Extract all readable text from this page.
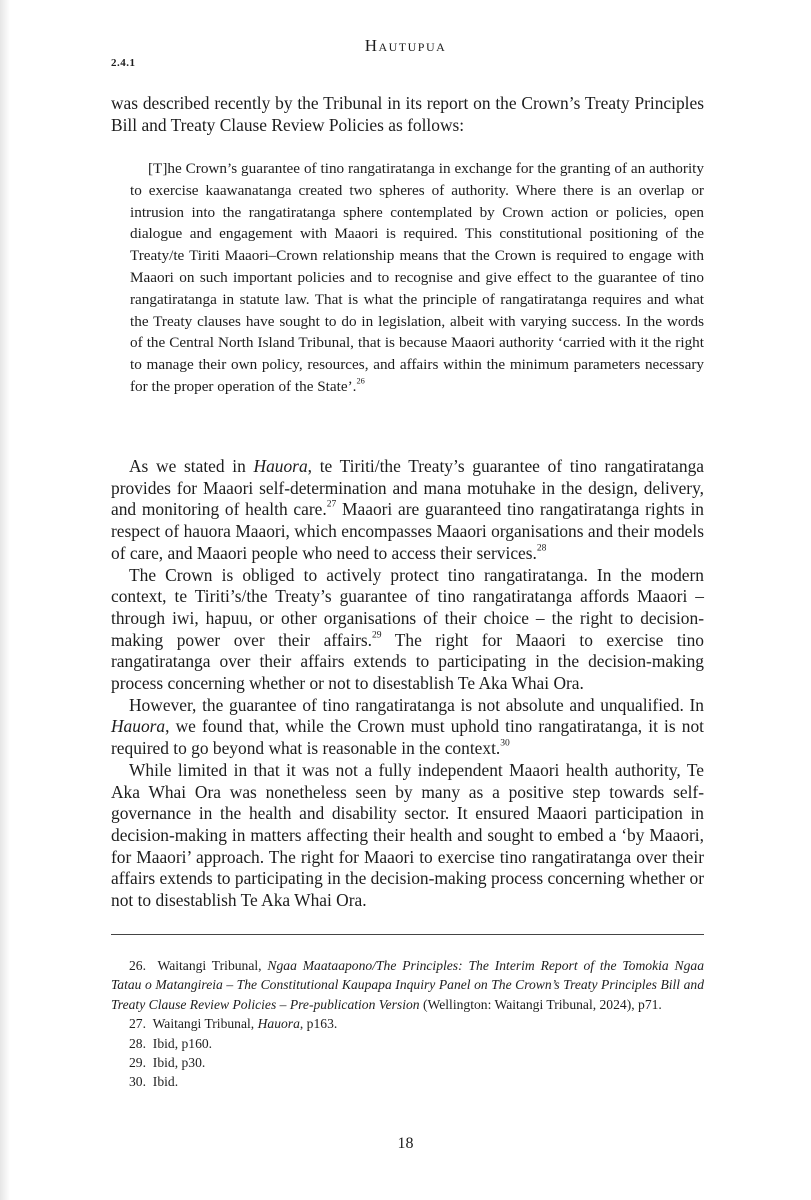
2.4.1
Hautupua

was described recently by the Tribunal in its report on the Crown’s Treaty Principles Bill and Treaty Clause Review Policies as follows:

[T]he Crown’s guarantee of tino rangatiratanga in exchange for the granting of an authority to exercise kaawanatanga created two spheres of authority. Where there is an overlap or intrusion into the rangatiratanga sphere contemplated by Crown action or policies, open dialogue and engagement with Maaori is required. This constitutional positioning of the Treaty/te Tiriti Maaori–Crown relationship means that the Crown is required to engage with Maaori on such important policies and to recognise and give effect to the guarantee of tino rangatiratanga in statute law. That is what the principle of rangatiratanga requires and what the Treaty clauses have sought to do in legislation, albeit with varying success. In the words of the Central North Island Tribunal, that is because Maaori authority ‘carried with it the right to manage their own policy, resources, and affairs within the minimum parameters necessary for the proper operation of the State’.$^{26}$

As we stated in Hauora, te Tiriti/the Treaty’s guarantee of tino rangatiratanga provides for Maaori self-determination and mana motuhake in the design, delivery, and monitoring of health care.$^{27}$ Maaori are guaranteed tino rangatiratanga rights in respect of hauora Maaori, which encompasses Maaori organisations and their models of care, and Maaori people who need to access their services.$^{28}$

The Crown is obliged to actively protect tino rangatiratanga. In the modern context, te Tiriti’s/the Treaty’s guarantee of tino rangatiratanga affords Maaori – through iwi, hapuu, or other organisations of their choice – the right to decision-making power over their affairs.$^{29}$ The right for Maaori to exercise tino rangatiratanga over their affairs extends to participating in the decision-making process concerning whether or not to disestablish Te Aka Whai Ora.

However, the guarantee of tino rangatiratanga is not absolute and unqualified. In Hauora, we found that, while the Crown must uphold tino rangatiratanga, it is not required to go beyond what is reasonable in the context.$^{30}$

While limited in that it was not a fully independent Maaori health authority, Te Aka Whai Ora was nonetheless seen by many as a positive step towards self-governance in the health and disability sector. It ensured Maaori participation in decision-making in matters affecting their health and sought to embed a ‘by Maaori, for Maaori’ approach. The right for Maaori to exercise tino rangatiratanga over their affairs extends to participating in the decision-making process concerning whether or not to disestablish Te Aka Whai Ora.

26. Waitangi Tribunal, Ngaa Maataapono/The Principles: The Interim Report of the Tomokia Ngaa Tatau o Matangireia – The Constitutional Kaupapa Inquiry Panel on The Crown’s Treaty Principles Bill and Treaty Clause Review Policies – Pre-publication Version (Wellington: Waitangi Tribunal, 2024), p71.

27. Waitangi Tribunal, Hauora, p163.

28. Ibid, p160.

29. Ibid, p30.

30. Ibid.

18
